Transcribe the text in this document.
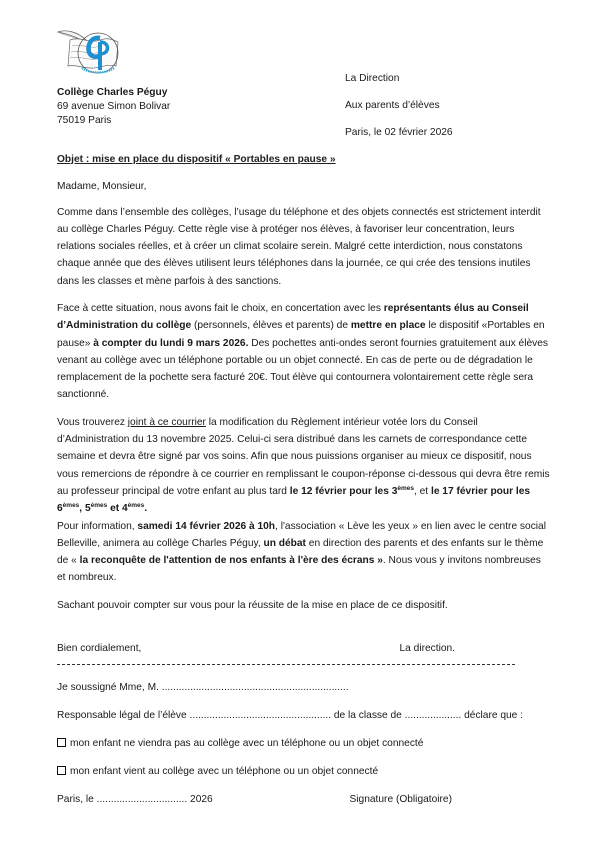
Collège Charles Péguy
69 avenue Simon Bolivar
75019 Paris
La Direction
Aux parents d’élèves
Paris, le 02 février 2026
Objet : mise en place du dispositif « Portables en pause »
Madame, Monsieur,
Comme dans l’ensemble des collèges, l’usage du téléphone et des objets connectés est strictement interdit au collège Charles Péguy. Cette règle vise à protéger nos élèves, à favoriser leur concentration, leurs relations sociales réelles, et à créer un climat scolaire serein. Malgré cette interdiction, nous constatons chaque année que des élèves utilisent leurs téléphones dans la journée, ce qui crée des tensions inutiles dans les classes et mène parfois à des sanctions.
Face à cette situation, nous avons fait le choix, en concertation avec les représentants élus au Conseil d’Administration du collège (personnels, élèves et parents) de mettre en place le dispositif «Portables en pause» à compter du lundi 9 mars 2026. Des pochettes anti-ondes seront fournies gratuitement aux élèves venant au collège avec un téléphone portable ou un objet connecté. En cas de perte ou de dégradation le remplacement de la pochette sera facturé 20€. Tout élève qui contournera volontairement cette règle sera sanctionné.
Vous trouverez joint à ce courrier la modification du Règlement intérieur votée lors du Conseil d’Administration du 13 novembre 2025. Celui-ci sera distribué dans les carnets de correspondance cette semaine et devra être signé par vos soins. Afin que nous puissions organiser au mieux ce dispositif, nous vous remercions de répondre à ce courrier en remplissant le coupon-réponse ci-dessous qui devra être remis au professeur principal de votre enfant au plus tard le 12 février pour les 3èmes, et le 17 février pour les 6èmes, 5èmes et 4èmes.
Pour information, samedi 14 février 2026 à 10h, l'association « Lève les yeux » en lien avec le centre social Belleville, animera au collège Charles Péguy, un débat en direction des parents et des enfants sur le thème de « la reconquête de l'attention de nos enfants à l'ère des écrans ». Nous vous y invitons nombreuses et nombreux.
Sachant pouvoir compter sur vous pour la réussite de la mise en place de ce dispositif.
Bien cordialement,	La direction.
Je soussigné Mme, M. ..................................................................
Responsable légal de l’élève .................................................. de la classe de .................... déclare que :
mon enfant ne viendra pas au collège avec un téléphone ou un objet connecté
mon enfant vient au collège avec un téléphone ou un objet connecté
Paris, le ................................ 2026	Signature (Obligatoire)
